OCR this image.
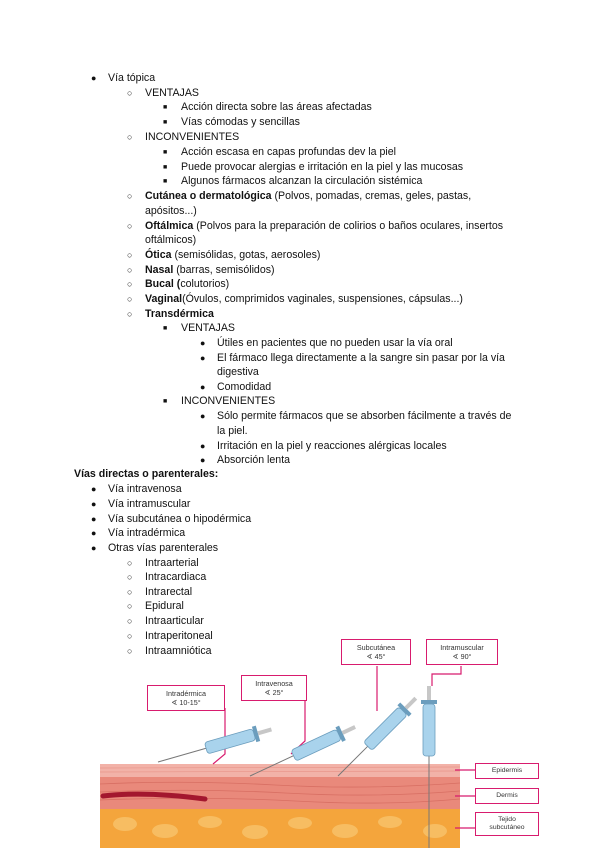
● Vía tópica
○ VENTAJAS
■ Acción directa sobre las áreas afectadas
■ Vías cómodas y sencillas
○ INCONVENIENTES
■ Acción escasa en capas profundas dev la piel
■ Puede provocar alergias e irritación en la piel y las mucosas
■ Algunos fármacos alcanzan la circulación sistémica
○ Cutánea o dermatológica (Polvos, pomadas, cremas, geles, pastas,
apósitos...)
○ Oftálmica (Polvos para la preparación de colirios o baños oculares, insertos
oftálmicos)
○ Ótica (semisólidas, gotas, aerosoles)
○ Nasal (barras, semisólidos)
○ Bucal (colutorios)
○ Vaginal(Óvulos, comprimidos vaginales, suspensiones, cápsulas...)
○ Transdérmica
■ VENTAJAS
● Útiles en pacientes que no pueden usar la vía oral
● El fármaco llega directamente a la sangre sin pasar por la vía
digestiva
● Comodidad
■ INCONVENIENTES
● Sólo permite fármacos que se absorben fácilmente a través de
la piel.
● Irritación en la piel y reacciones alérgicas locales
● Absorción lenta
Vías directas o parenterales:
● Vía intravenosa
● Vía intramuscular
● Vía subcutánea o hipodérmica
● Vía intradérmica
● Otras vías parenterales
○ Intraarterial
○ Intracardiaca
○ Intrarectal
○ Epidural
○ Intraarticular
○ Intraperitoneal
○ Intraamniótica
Intradérmica
∢ 10-15°
Intravenosa
∢ 25°
Subcutánea
∢ 45°
Intramuscular
∢ 90°
Epidermis
Dermis
Tejido
subcutáneo
